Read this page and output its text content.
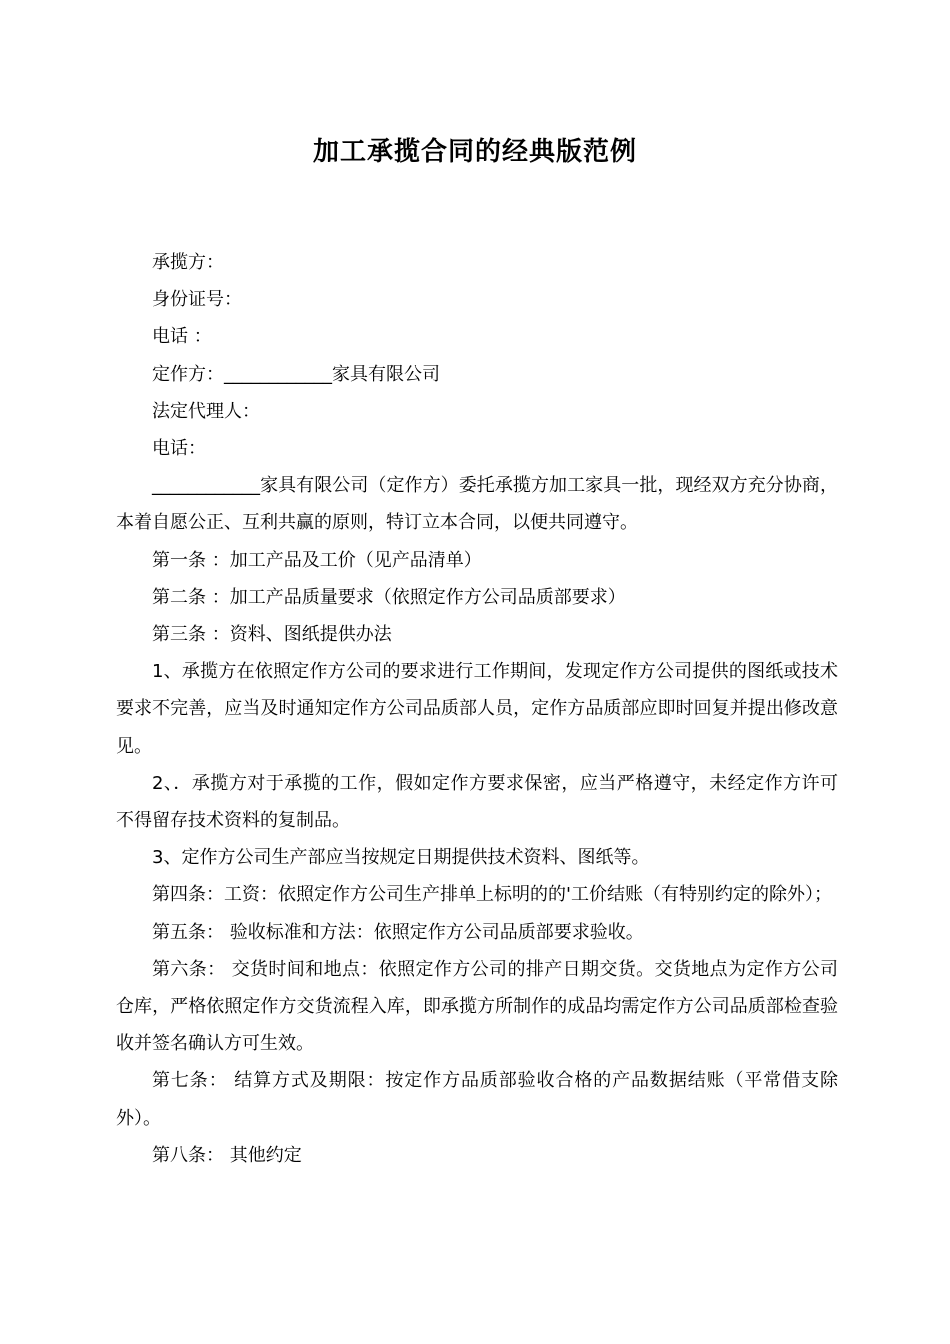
加工承揽合同的经典版范例

承揽方：

身份证号：

电话 ：

定作方：____________家具有限公司

法定代理人：

电话：

____________家具有限公司（定作方）委托承揽方加工家具一批，现经双方充分协商，本着自愿公正、互利共赢的原则，特订立本合同，以便共同遵守。

第一条 ：加工产品及工价（见产品清单）

第二条 ：加工产品质量要求（依照定作方公司品质部要求）

第三条 ：资料、图纸提供办法

1、承揽方在依照定作方公司的要求进行工作期间，发现定作方公司提供的图纸或技术要求不完善，应当及时通知定作方公司品质部人员，定作方品质部应即时回复并提出修改意见。

2、．承揽方对于承揽的工作，假如定作方要求保密，应当严格遵守，未经定作方许可不得留存技术资料的复制品。

3、定作方公司生产部应当按规定日期提供技术资料、图纸等。

第四条：工资：依照定作方公司生产排单上标明的的'工价结账（有特别约定的除外）；

第五条： 验收标准和方法：依照定作方公司品质部要求验收。

第六条： 交货时间和地点：依照定作方公司的排产日期交货。交货地点为定作方公司仓库，严格依照定作方交货流程入库，即承揽方所制作的成品均需定作方公司品质部检查验收并签名确认方可生效。

第七条： 结算方式及期限：按定作方品质部验收合格的产品数据结账（平常借支除外）。

第八条： 其他约定
